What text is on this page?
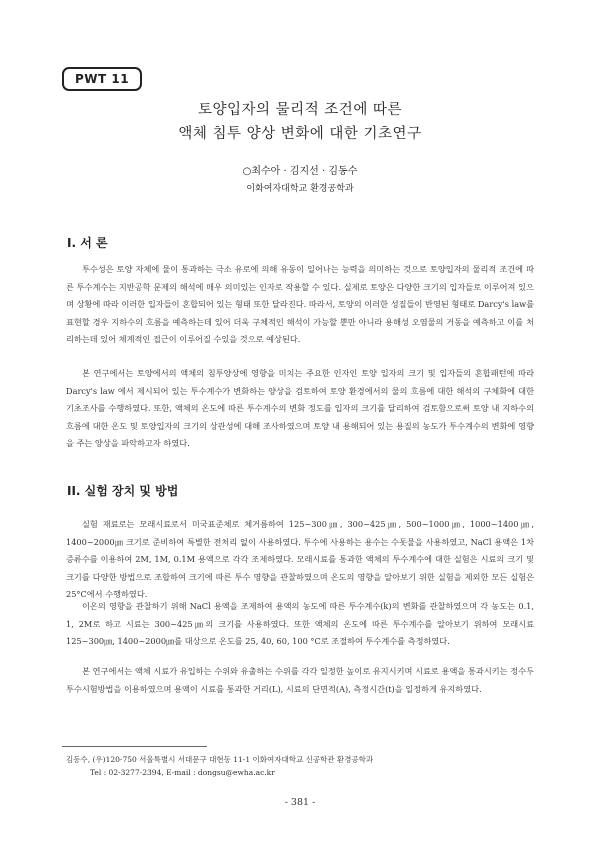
PWT 11
토양입자의 물리적 조건에 따른
액체 침투 양상 변화에 대한 기초연구
○최수아 · 김지선 · 김동수
이화여자대학교 환경공학과
I. 서 론

투수성은 토양 자체에 물이 통과하는 극소 유로에 의해 유동이 일어나는 능력을 의미하는 것으로 토양입자의 물리적 조건에 따른 투수계수는 지반공학 문제의 해석에 매우 의미있는 인자로 작용할 수 있다. 실제로 토양은 다양한 크기의 입자들로 이루어져 있으며 상황에 따라 이러한 입자들이 혼합되어 있는 형태 또한 달라진다. 따라서, 토양의 이러한 성질들이 반영된 형태로 Darcy's law를 표현할 경우 지하수의 흐름을 예측하는데 있어 더욱 구체적인 해석이 가능할 뿐만 아니라 용해성 오염물의 거동을 예측하고 이를 처리하는데 있어 체계적인 접근이 이루어질 수있을 것으로 예상된다.

본 연구에서는 토양에서의 액체의 침투양상에 영향을 미치는 주요한 인자인 토양 입자의 크기 및 입자들의 혼합패턴에 따라 Darcy's law 에서 제시되어 있는 투수계수가 변화하는 양상을 검토하여 토양 환경에서의 물의 흐름에 대한 해석의 구체화에 대한 기초조사를 수행하였다. 또한, 액체의 온도에 따른 투수계수의 변화 정도를 입자의 크기를 달리하여 검토함으로써 토양 내 지하수의 흐름에 대한 온도 및 토양입자의 크기의 상관성에 대해 조사하였으며 토양 내 용해되어 있는 용질의 농도가 투수계수의 변화에 영향을 주는 양상을 파악하고자 하였다.

II. 실험 장치 및 방법

실험 재료로는 모래시료로서 미국표준체로 체거름하여 125~300㎛, 300~425㎛, 500~1000㎛, 1000~1400㎛, 1400~2000㎛ 크기로 준비하여 특별한 전처리 없이 사용하였다. 투수에 사용하는 용수는 수돗물을 사용하였고, NaCl 용액은 1차 증류수를 이용하여 2M, 1M, 0.1M 용액으로 각각 조제하였다. 모래시료를 통과한 액체의 투수계수에 대한 실험은 시료의 크기 및 크기를 다양한 방법으로 조합하여 크기에 따른 투수 영향을 관찰하였으며 온도의 영향을 알아보기 위한 실험을 제외한 모든 실험은 25°C에서 수행하였다.

이온의 영향을 관찰하기 위해 NaCl 용액을 조제하여 용액의 농도에 따른 투수계수(k)의 변화를 관찰하였으며 각 농도는 0.1, 1, 2M로 하고 시료는 300~425㎛의 크기를 사용하였다. 또한 액체의 온도에 따른 투수계수를 알아보기 위하여 모래시료 125~300㎛, 1400~2000㎛를 대상으로 온도를 25, 40, 60, 100 °C로 조절하여 투수계수를 측정하였다.

본 연구에서는 액체 시료가 유입하는 수위와 유출하는 수위를 각각 일정한 높이로 유지시키며 시료로 용액을 통과시키는 정수두 투수시험방법을 이용하였으며 용액이 시료를 통과한 거리(L), 시료의 단면적(A), 측정시간(t)을 일정하게 유지하였다.

김동수, (우)120-750 서울특별시 서대문구 대현동 11-1 이화여자대학교 신공학관 환경공학과
Tel : 02-3277-2394, E-mail : dongsu@ewha.ac.kr
- 381 -
